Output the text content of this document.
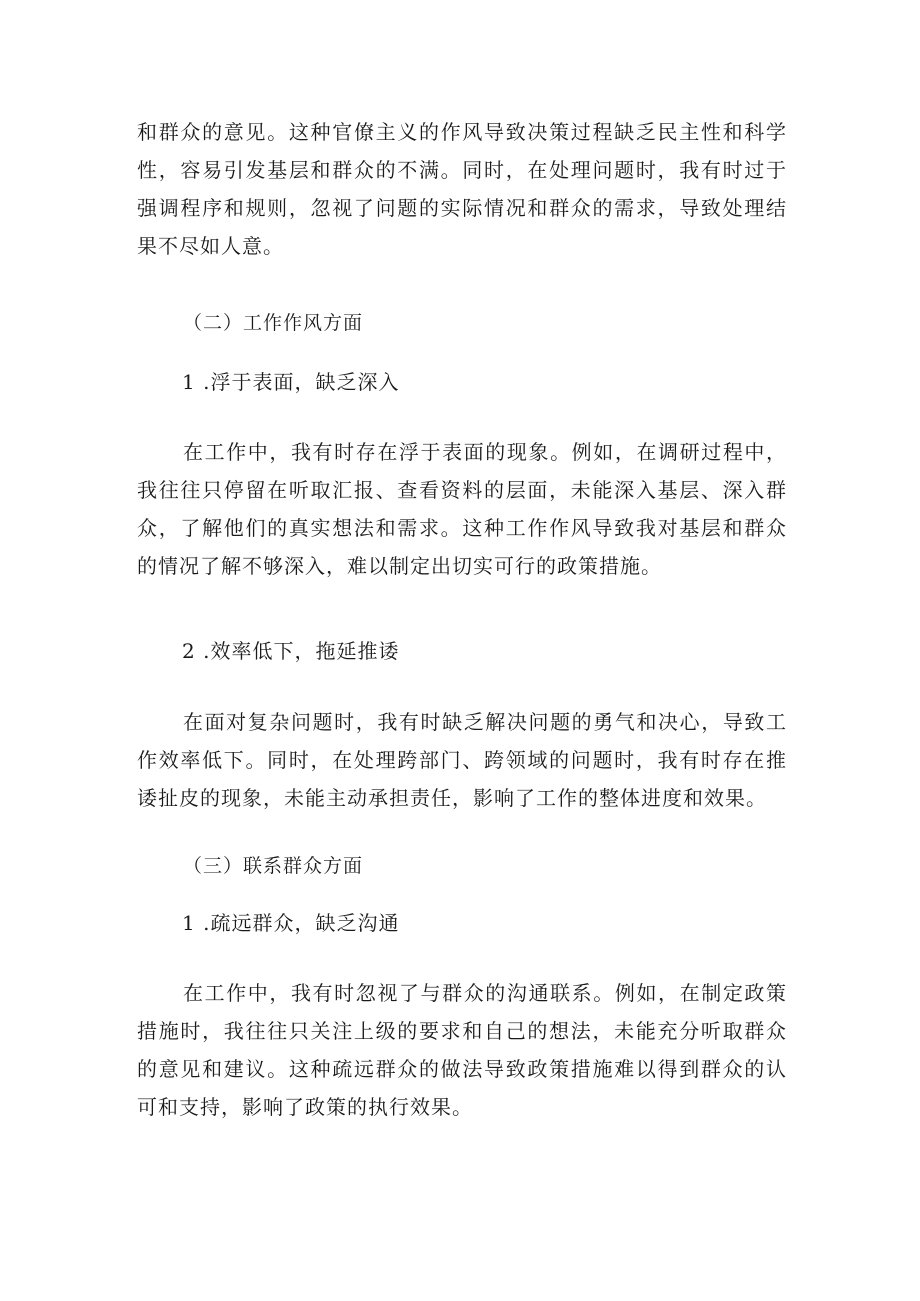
和群众的意见。这种官僚主义的作风导致决策过程缺乏民主性和科学性，容易引发基层和群众的不满。同时，在处理问题时，我有时过于强调程序和规则，忽视了问题的实际情况和群众的需求，导致处理结果不尽如人意。

（二）工作作风方面

1 .浮于表面，缺乏深入

在工作中，我有时存在浮于表面的现象。例如，在调研过程中，我往往只停留在听取汇报、查看资料的层面，未能深入基层、深入群众，了解他们的真实想法和需求。这种工作作风导致我对基层和群众的情况了解不够深入，难以制定出切实可行的政策措施。

2 .效率低下，拖延推诿

在面对复杂问题时，我有时缺乏解决问题的勇气和决心，导致工作效率低下。同时，在处理跨部门、跨领域的问题时，我有时存在推诿扯皮的现象，未能主动承担责任，影响了工作的整体进度和效果。

（三）联系群众方面

1 .疏远群众，缺乏沟通

在工作中，我有时忽视了与群众的沟通联系。例如，在制定政策措施时，我往往只关注上级的要求和自己的想法，未能充分听取群众的意见和建议。这种疏远群众的做法导致政策措施难以得到群众的认可和支持，影响了政策的执行效果。
